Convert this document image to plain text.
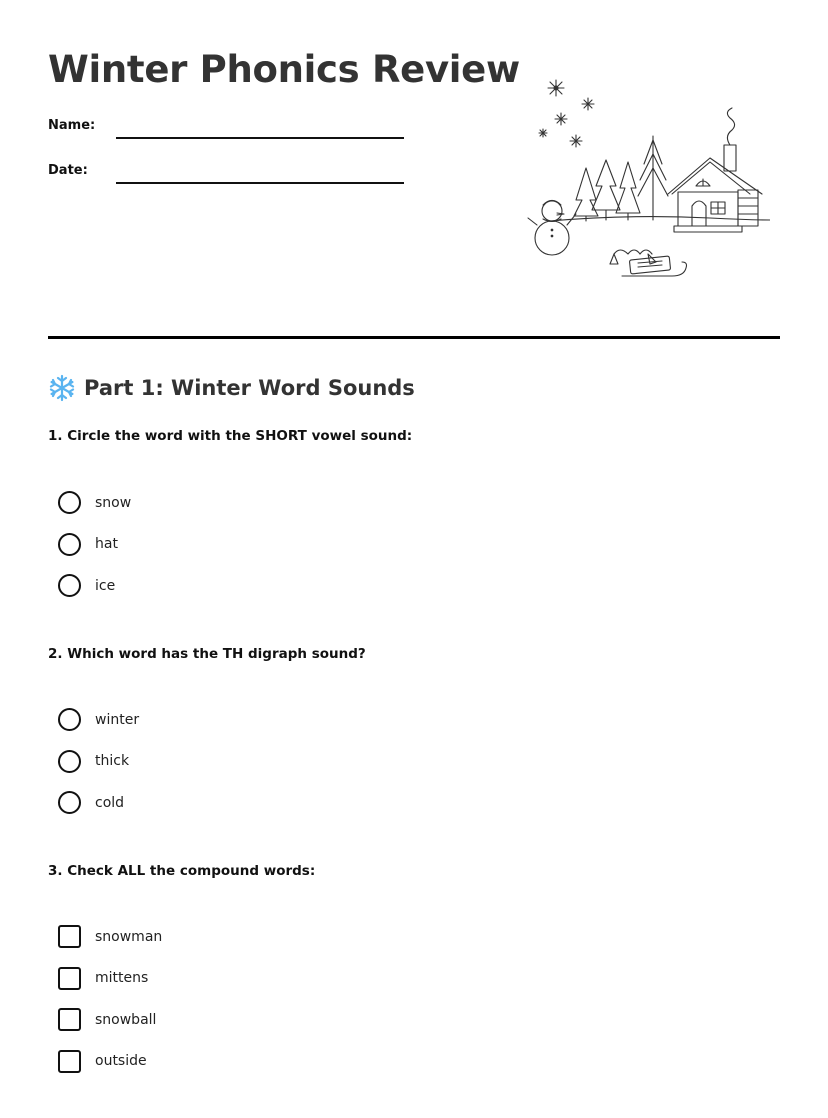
Winter Phonics Review
Name:
Date:
Part 1: Winter Word Sounds
1. Circle the word with the SHORT vowel sound:
snow
hat
ice
2. Which word has the TH digraph sound?
winter
thick
cold
3. Check ALL the compound words:
snowman
mittens
snowball
outside
